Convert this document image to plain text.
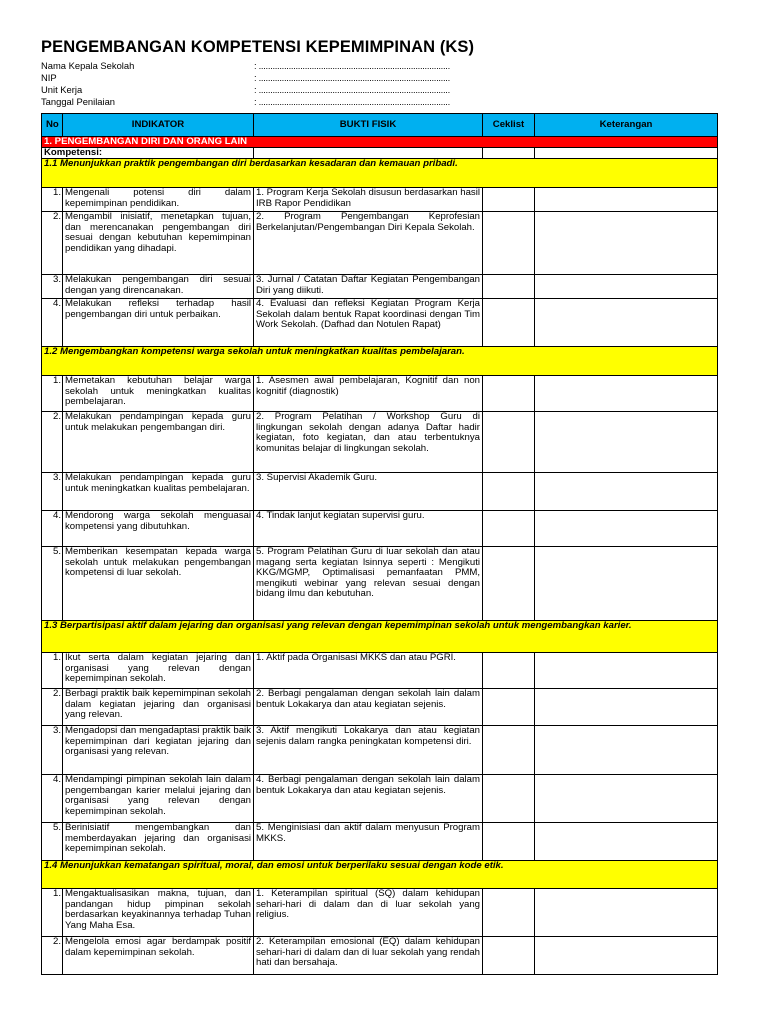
PENGEMBANGAN KOMPETENSI KEPEMIMPINAN (KS)
Nama Kepala Sekolah	: ...................................................................................
NIP	: ...................................................................................
Unit Kerja	: ...................................................................................
Tanggal Penilaian	: ...................................................................................
No	INDIKATOR	BUKTI FISIK	Ceklist	Keterangan
1. PENGEMBANGAN DIRI DAN ORANG LAIN				
Kompetensi:				
1.1 Menunjukkan praktik pengembangan diri berdasarkan kesadaran dan kemauan pribadi.				
1.	Mengenali potensi diri dalam kepemimpinan pendidikan.	1. Program Kerja Sekolah disusun berdasarkan hasil IRB Rapor Pendidikan		
2.	Mengambil inisiatif, menetapkan tujuan, dan merencanakan pengembangan diri sesuai dengan kebutuhan kepemimpinan pendidikan yang dihadapi.	2. Program Pengembangan Keprofesian Berkelanjutan/Pengembangan Diri Kepala Sekolah.		
3.	Melakukan pengembangan diri sesuai dengan yang direncanakan.	3. Jurnal / Catatan Daftar Kegiatan Pengembangan Diri yang diikuti.		
4.	Melakukan refleksi terhadap hasil pengembangan diri untuk perbaikan.	4. Evaluasi dan refleksi Kegiatan Program Kerja Sekolah dalam bentuk Rapat koordinasi dengan Tim Work Sekolah. (Dafhad dan Notulen Rapat)		
1.2 Mengembangkan kompetensi warga sekolah untuk meningkatkan kualitas pembelajaran.				
1.	Memetakan kebutuhan belajar warga sekolah untuk meningkatkan kualitas pembelajaran.	1. Asesmen awal pembelajaran, Kognitif dan non kognitif (diagnostik)		
2.	Melakukan pendampingan kepada guru untuk melakukan pengembangan diri.	2. Program Pelatihan / Workshop Guru di lingkungan sekolah dengan adanya Daftar hadir kegiatan, foto kegiatan, dan atau terbentuknya komunitas belajar di lingkungan sekolah.		
3.	Melakukan pendampingan kepada guru untuk meningkatkan kualitas pembelajaran.	3. Supervisi Akademik Guru.		
4.	Mendorong warga sekolah menguasai kompetensi yang dibutuhkan.	4. Tindak lanjut kegiatan supervisi guru.		
5.	Memberikan kesempatan kepada warga sekolah untuk melakukan pengembangan kompetensi di luar sekolah.	5. Program Pelatihan Guru di luar sekolah dan atau magang serta kegiatan lsinnya seperti : Mengikuti KKG/MGMP, Optimalisasi pemanfaatan PMM, mengikuti webinar yang relevan sesuai dengan bidang ilmu dan kebutuhan.		
1.3 Berpartisipasi aktif dalam jejaring dan organisasi yang relevan dengan kepemimpinan sekolah untuk mengembangkan karier.				
1.	Ikut serta dalam kegiatan jejaring dan organisasi yang relevan dengan kepemimpinan sekolah.	1. Aktif pada Organisasi MKKS dan atau PGRI.		
2.	Berbagi praktik baik kepemimpinan sekolah dalam kegiatan jejaring dan organisasi yang relevan.	2. Berbagi pengalaman dengan sekolah lain dalam bentuk Lokakarya dan atau kegiatan sejenis.		
3.	Mengadopsi dan mengadaptasi praktik baik kepemimpinan dari kegiatan jejaring dan organisasi yang relevan.	3. Aktif mengikuti Lokakarya dan atau kegiatan sejenis dalam rangka peningkatan kompetensi diri.		
4.	Mendampingi pimpinan sekolah lain dalam pengembangan karier melalui jejaring dan organisasi yang relevan dengan kepemimpinan sekolah.	4. Berbagi pengalaman dengan sekolah lain dalam bentuk Lokakarya dan atau kegiatan sejenis.		
5.	Berinisiatif mengembangkan dan memberdayakan jejaring dan organisasi kepemimpinan sekolah.	5. Menginisiasi dan aktif dalam menyusun Program MKKS.		
1.4 Menunjukkan kematangan spiritual, moral, dan emosi untuk berperilaku sesuai dengan kode etik.				
1.	Mengaktualisasikan makna, tujuan, dan pandangan hidup pimpinan sekolah berdasarkan keyakinannya terhadap Tuhan Yang Maha Esa.	1. Keterampilan spiritual (SQ) dalam kehidupan sehari-hari di dalam dan di luar sekolah yang religius.		
2.	Mengelola emosi agar berdampak positif dalam kepemimpinan sekolah.	2. Keterampilan emosional (EQ) dalam kehidupan sehari-hari di dalam dan di luar sekolah yang rendah hati dan bersahaja.		
